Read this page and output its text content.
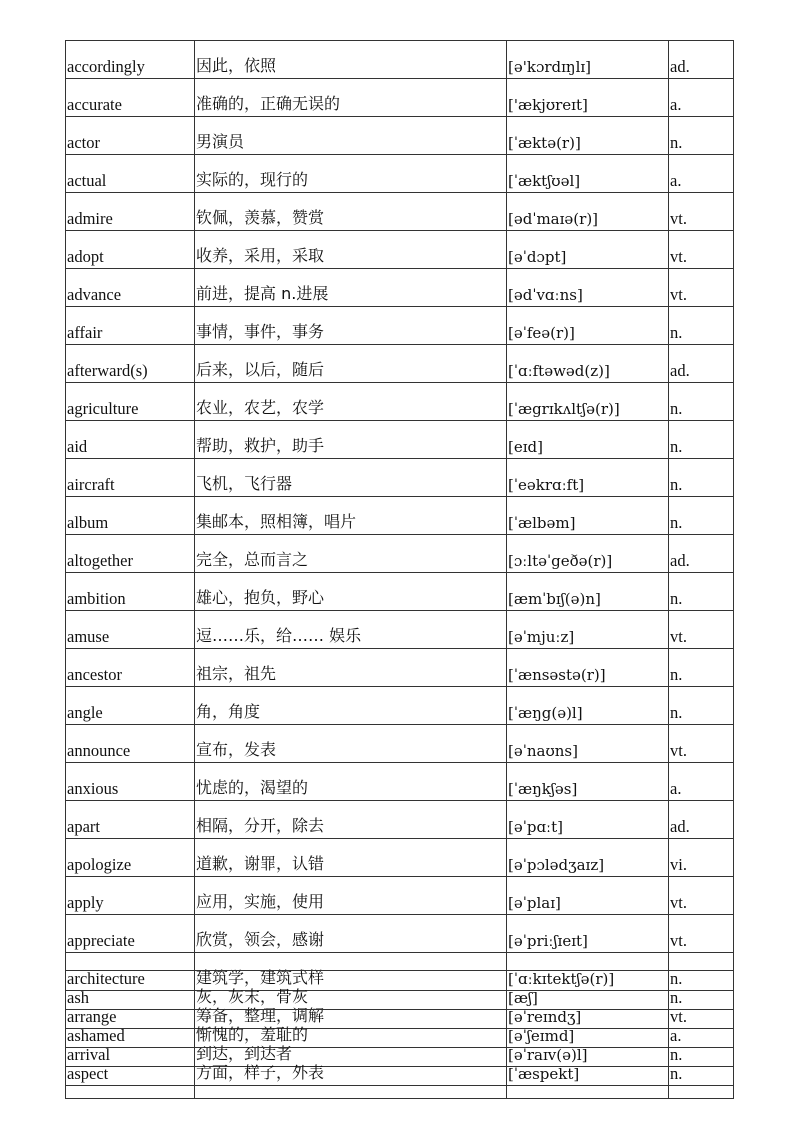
accordingly	因此，依照	[ə'kɔrdɪŋlɪ]	ad.
accurate	准确的，正确无误的	['ækjʊreɪt]	a.
actor	男演员	[ˈæktə(r)]	n.
actual	实际的，现行的	[ˈæktʃʊəl]	a.
admire	钦佩，羡慕，赞赏	[ədˈmaɪə(r)]	vt.
adopt	收养，采用，采取	[əˈdɔpt]	vt.
advance	前进，提高 n.进展	[ədˈvɑːns]	vt.
affair	事情，事件，事务	[əˈfeə(r)]	n.
afterward(s)	后来，以后，随后	[ˈɑːftəwəd(z)]	ad.
agriculture	农业，农艺，农学	[ˈægrɪkʌltʃə(r)]	n.
aid	帮助，救护，助手	[eɪd]	n.
aircraft	飞机，飞行器	[ˈeəkrɑːft]	n.
album	集邮本，照相簿，唱片	[ˈælbəm]	n.
altogether	完全，总而言之	[ɔːltəˈgeðə(r)]	ad.
ambition	雄心，抱负，野心	[æmˈbɪʃ(ə)n]	n.
amuse	逗……乐，给…… 娱乐	[əˈmjuːz]	vt.
ancestor	祖宗，祖先	[ˈænsəstə(r)]	n.
angle	角，角度	[ˈæŋg(ə)l]	n.
announce	宣布，发表	[əˈnaʊns]	vt.
anxious	忧虑的，渴望的	[ˈæŋkʃəs]	a.
apart	相隔，分开，除去	[əˈpɑːt]	ad.
apologize	道歉，谢罪，认错	[əˈpɔlədʒaɪz]	vi.
apply	应用，实施，使用	[əˈplaɪ]	vt.
appreciate	欣赏，领会，感谢	[əˈpriːʃɪeɪt]	vt.
architecture	建筑学，建筑式样	[ˈɑːkɪtektʃə(r)]	n.
arrange	筹备，整理，调解	[əˈreɪndʒ]	vt.
arrival	到达，到达者	[əˈraɪv(ə)l]	n.
ash	灰，灰末，骨灰	[æʃ]	n.
ashamed	惭愧的，羞耻的	[əˈʃeɪmd]	a.
aspect	方面，样子，外表	[ˈæspekt]	n.
